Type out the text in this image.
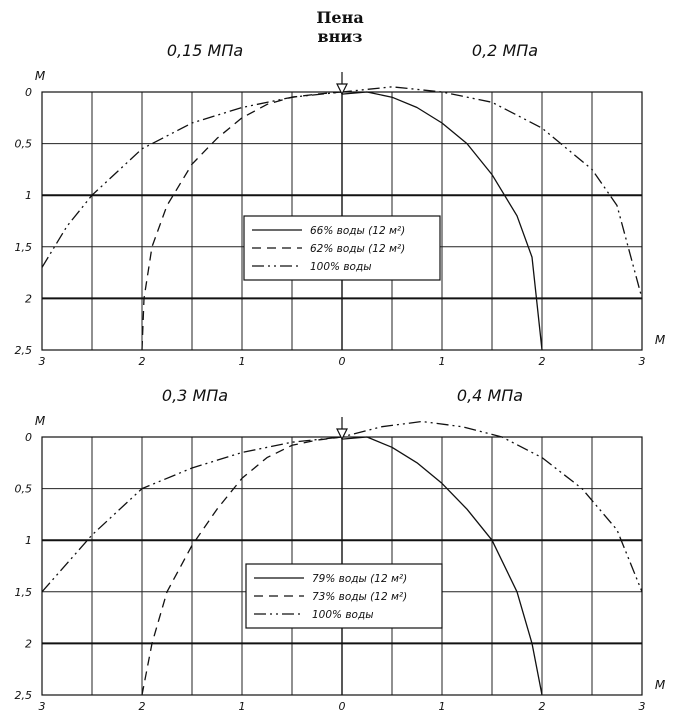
Пена
вниз
0,15 МПа	0,2 МПа
0
0,5
1
1,5
2
2,5
3	2	1	0	1	2	3
М
М
66% воды (12 м²)
62% воды (12 м²)
100% воды
0,3 МПа	0,4 МПа
0
0,5
1
1,5
2
2,5
3	2	1	0	1	2	3
М
М
79% воды (12 м²)
73% воды (12 м²)
100% воды
